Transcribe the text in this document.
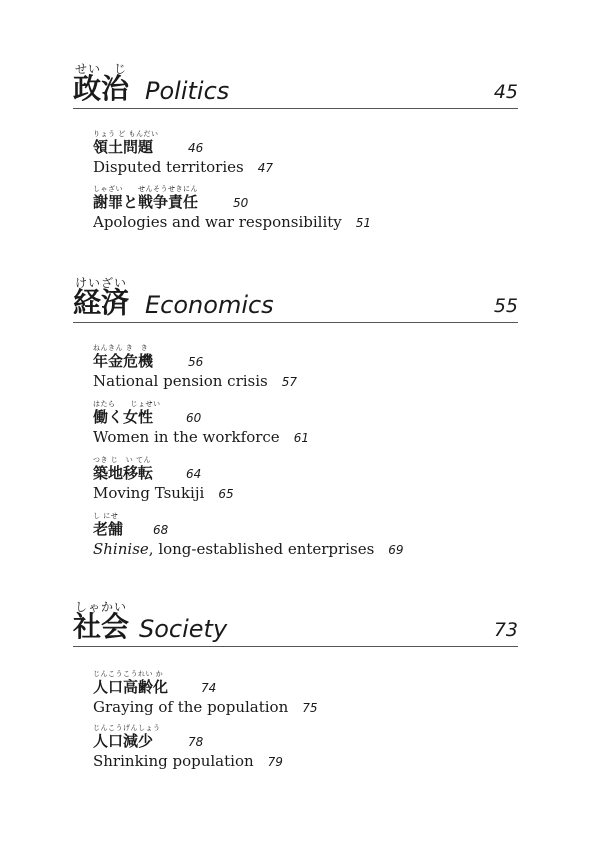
せい　じ
政治 Politics	45
りょう ど もんだい
領土問題	46
Disputed territories 47
しゃざい　　せんそうせきにん
謝罪と戦争責任	50
Apologies and war responsibility 51
けいざい
経済 Economics	55
ねんきん き　き
年金危機	56
National pension crisis 57
はたら　　じょせい
働く女性	60
Women in the workforce 61
つき じ　い てん
築地移転	64
Moving Tsukiji 65
し にせ
老舗 68
Shinise, long-established enterprises 69
しゃかい
社会 Society	73
じんこうこうれい か
人口高齢化	74
Graying of the population 75
じんこうげんしょう
人口減少	78
Shrinking population 79
